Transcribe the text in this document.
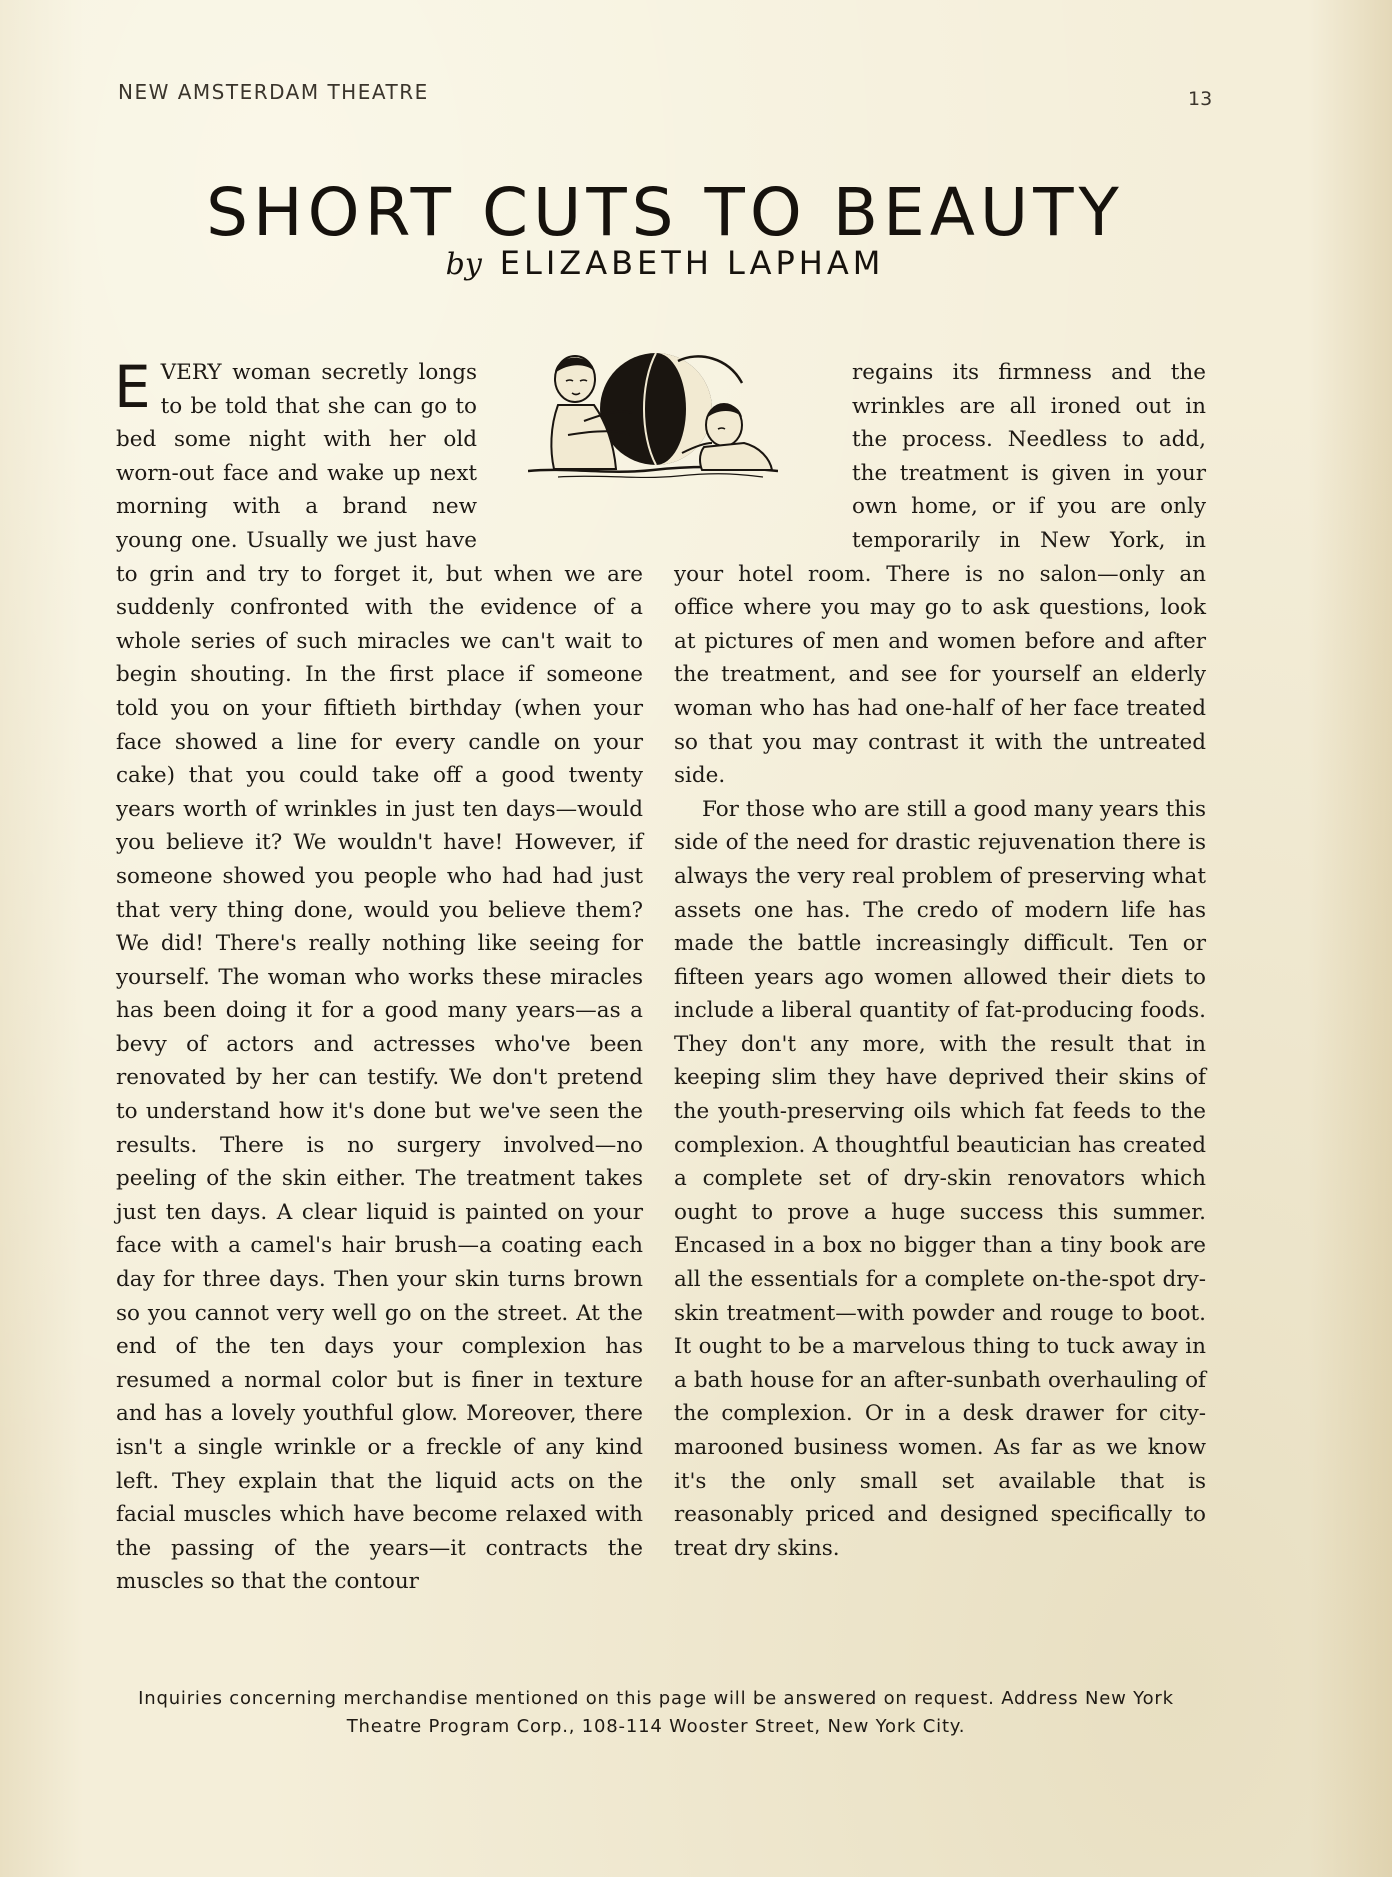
NEW AMSTERDAM THEATRE	13
SHORT CUTS TO BEAUTY
by ELIZABETH LAPHAM

EVERY woman secretly longs to be told that she can go to bed some night with her old worn-out face and wake up next morning with a brand new young one. Usually we just have to grin and try to forget it, but when we are suddenly confronted with the evidence of a whole series of such miracles we can't wait to begin shouting. In the first place if someone told you on your fiftieth birthday (when your face showed a line for every candle on your cake) that you could take off a good twenty years worth of wrinkles in just ten days—would you believe it? We wouldn't have! However, if someone showed you people who had had just that very thing done, would you believe them? We did! There's really nothing like seeing for yourself. The woman who works these miracles has been doing it for a good many years—as a bevy of actors and actresses who've been renovated by her can testify. We don't pretend to understand how it's done but we've seen the results. There is no surgery involved—no peeling of the skin either. The treatment takes just ten days. A clear liquid is painted on your face with a camel's hair brush—a coating each day for three days. Then your skin turns brown so you cannot very well go on the street. At the end of the ten days your complexion has resumed a normal color but is finer in texture and has a lovely youthful glow. Moreover, there isn't a single wrinkle or a freckle of any kind left. They explain that the liquid acts on the facial muscles which have become relaxed with the passing of the years—it contracts the muscles so that the contour

regains its firmness and the wrinkles are all ironed out in the process. Needless to add, the treatment is given in your own home, or if you are only temporarily in New York, in your hotel room. There is no salon—only an office where you may go to ask questions, look at pictures of men and women before and after the treatment, and see for yourself an elderly woman who has had one-half of her face treated so that you may contrast it with the untreated side.

For those who are still a good many years this side of the need for drastic rejuvenation there is always the very real problem of preserving what assets one has. The credo of modern life has made the battle increasingly difficult. Ten or fifteen years ago women allowed their diets to include a liberal quantity of fat-producing foods. They don't any more, with the result that in keeping slim they have deprived their skins of the youth-preserving oils which fat feeds to the complexion. A thoughtful beautician has created a complete set of dry-skin renovators which ought to prove a huge success this summer. Encased in a box no bigger than a tiny book are all the essentials for a complete on-the-spot dry-skin treatment—with powder and rouge to boot. It ought to be a marvelous thing to tuck away in a bath house for an after-sunbath overhauling of the complexion. Or in a desk drawer for city-marooned business women. As far as we know it's the only small set available that is reasonably priced and designed specifically to treat dry skins.

Inquiries concerning merchandise mentioned on this page will be answered on request. Address New York
Theatre Program Corp., 108-114 Wooster Street, New York City.
